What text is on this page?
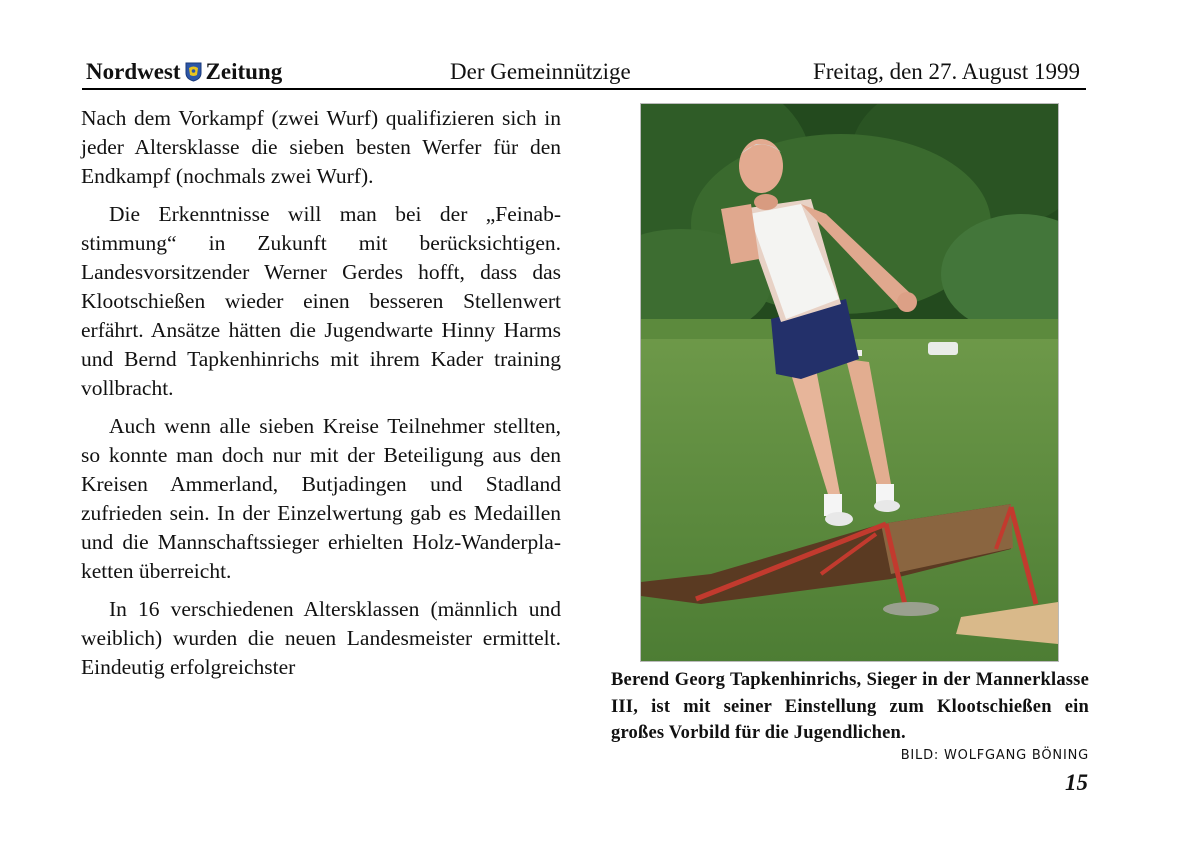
Nordwest Zeitung	Der Gemeinnützige	Freitag, den 27. August 1999

Nach dem Vorkampf (zwei Wurf) qualifizieren sich in jeder Altersklasse die sieben besten Werfer für den Endkampf (nochmals zwei Wurf).

Die Erkenntnisse will man bei der „Feinabstimmung“ in Zukunft mit berücksichtigen. Landesvorsitzender Werner Gerdes hofft, dass das Klootschießen wieder einen besseren Stellenwert erfährt. Ansätze hätten die Jugendwarte Hinny Harms und Bernd Tapkenhinrichs mit ihrem Kader training vollbracht.

Auch wenn alle sieben Kreise Teilnehmer stellten, so konnte man doch nur mit der Beteiligung aus den Kreisen Ammerland, Butjadingen und Stadland zufrieden sein. In der Einzelwertung gab es Medaillen und die Mannschaftssieger erhielten Holz-Wanderplaketten überreicht.

In 16 verschiedenen Altersklassen (männlich und weiblich) wurden die neuen Landesmeister ermittelt. Eindeutig erfolgreichster

Berend Georg Tapkenhinrichs, Sieger in der Mannerklasse III, ist mit seiner Einstellung zum Klootschießen ein großes Vorbild für die Jugendlichen.
BILD: WOLFGANG BÖNING
15
